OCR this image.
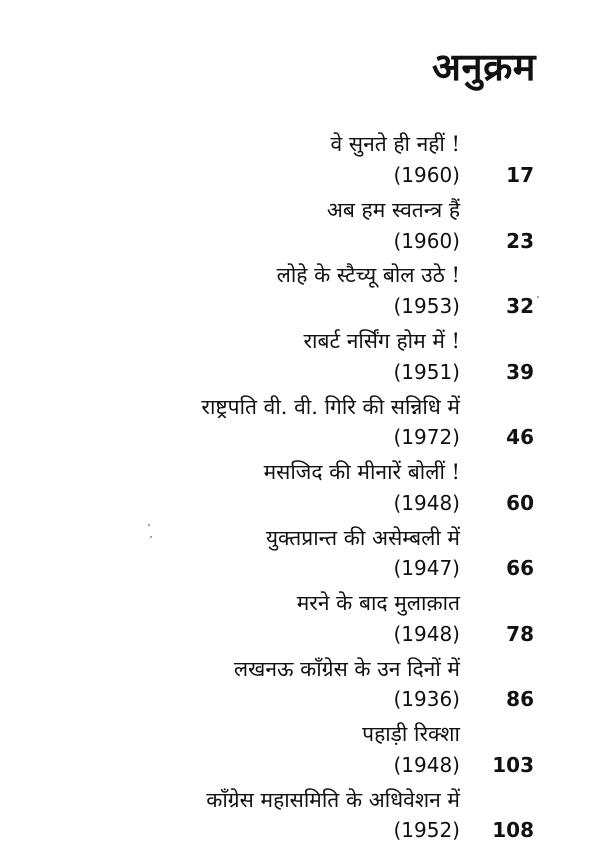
अनुक्रम
वे सुनते ही नहीं !
(1960) 17
अब हम स्वतन्त्र हैं
(1960) 23
लोहे के स्टैच्यू बोल उठे !
(1953) 32
राबर्ट नर्सिंग होम में !
(1951) 39
राष्ट्रपति वी. वी. गिरि की सन्निधि में
(1972) 46
मसजिद की मीनारें बोलीं !
(1948) 60
युक्तप्रान्त की असेम्बली में
(1947) 66
मरने के बाद मुलाक़ात
(1948) 78
लखनऊ काँग्रेस के उन दिनों में
(1936) 86
पहाड़ी रिक्शा
(1948) 103
काँग्रेस महासमिति के अधिवेशन में
(1952) 108
